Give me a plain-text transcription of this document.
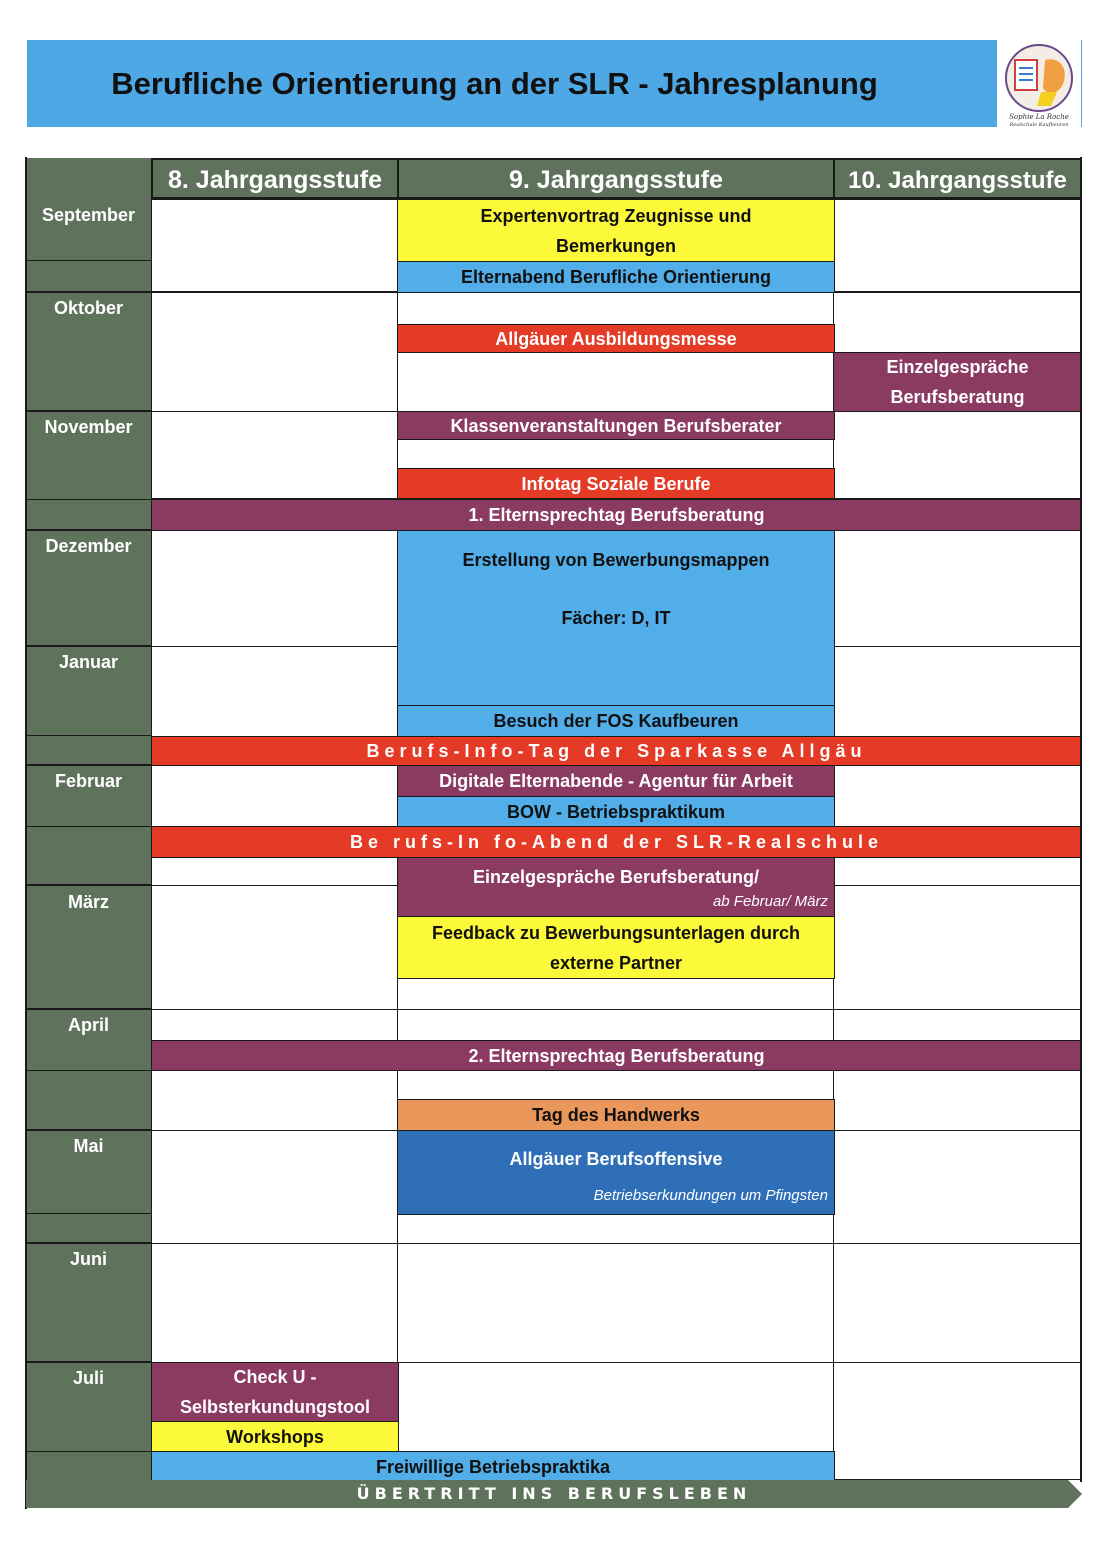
Berufliche Orientierung an der SLR - Jahresplanung
Sophie La Roche
Realschule Kaufbeuren
8. Jahrgangsstufe	9. Jahrgangsstufe	10. Jahrgangsstufe
September
Oktober
November
Dezember
Januar
Februar
März
April
Mai
Juni
Juli
Expertenvortrag Zeugnisse und
Bemerkungen
Elternabend Berufliche Orientierung
Allgäuer Ausbildungsmesse
Einzelgespräche
Berufsberatung
Klassenveranstaltungen Berufsberater
Infotag Soziale Berufe
1. Elternsprechtag Berufsberatung
Erstellung von Bewerbungsmappen
Fächer: D, IT
Besuch der FOS Kaufbeuren
Berufs-Info-Tag der Sparkasse Allgäu
Digitale Elternabende - Agentur für Arbeit
BOW - Betriebspraktikum
Be rufs-In fo-Abend der SLR-Realschule
Einzelgespräche Berufsberatung/
ab Februar/ März
Feedback zu Bewerbungsunterlagen durch
externe Partner
2. Elternsprechtag Berufsberatung
Tag des Handwerks
Allgäuer Berufsoffensive
Betriebserkundungen um Pfingsten
Check U -
Selbsterkundungstool
Workshops
Freiwillige Betriebspraktika
ÜBERTRITT INS BERUFSLEBEN
